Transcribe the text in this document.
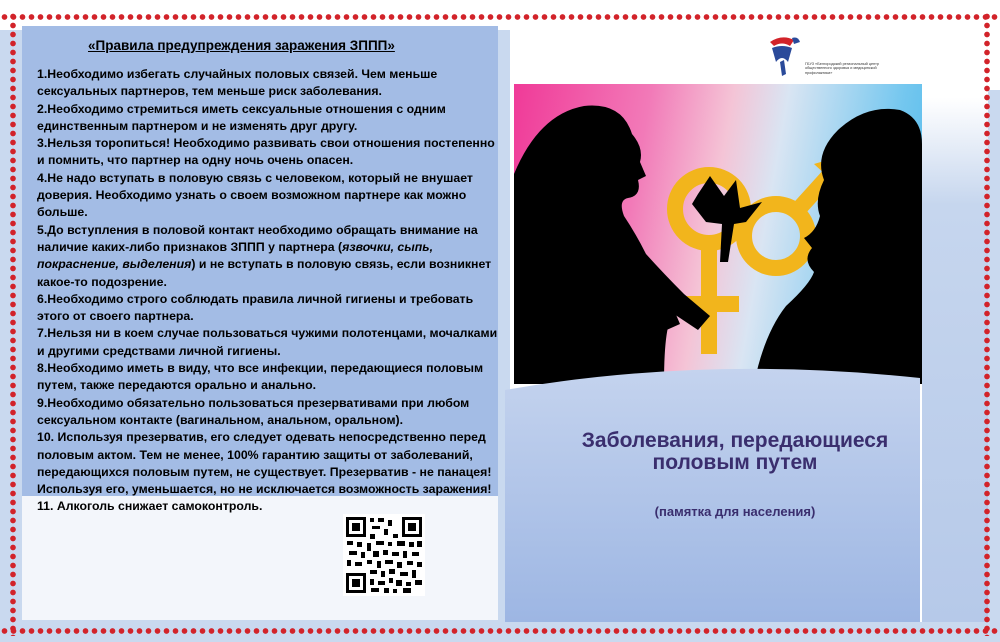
«Правила предупреждения заражения ЗППП»

1.Необходимо избегать случайных половых связей. Чем меньше сексуальных партнеров, тем меньше риск заболевания.

2.Необходимо стремиться иметь сексуальные отношения с одним единственным партнером и не изменять друг другу.

3.Нельзя торопиться! Необходимо развивать свои отношения постепенно и помнить, что партнер на одну ночь очень опасен.

4.Не надо вступать в половую связь с человеком, который не внушает доверия. Необходимо узнать о своем возможном партнере как можно больше.

5.До вступления в половой контакт необходимо обращать внимание на наличие каких-либо признаков ЗППП у партнера (язвочки, сыпь, покраснение, выделения) и не вступать в половую связь, если возникнет какое-то подозрение.

6.Необходимо строго соблюдать правила личной гигиены и требовать этого от своего партнера.

7.Нельзя ни в коем случае пользоваться чужими полотенцами, мочалками и другими средствами личной гигиены.

8.Необходимо иметь в виду, что все инфекции, передающиеся половым путем, также передаются орально и анально.

9.Необходимо обязательно пользоваться презервативами при любом сексуальном контакте (вагинальном, анальном, оральном).

10. Используя презерватив, его следует одевать непосредственно перед половым актом. Тем не менее, 100% гарантию защиты от заболеваний, передающихся половым путем, не существует. Презерватив - не панацея! Используя его, уменьшается, но не исключается возможность заражения!

11. Алкоголь снижает самоконтроль.

ГБУЗ «Белгородский региональный центр общественного здоровья и медицинской профилактики»
Заболевания, передающиеся половым путем
(памятка для населения)
